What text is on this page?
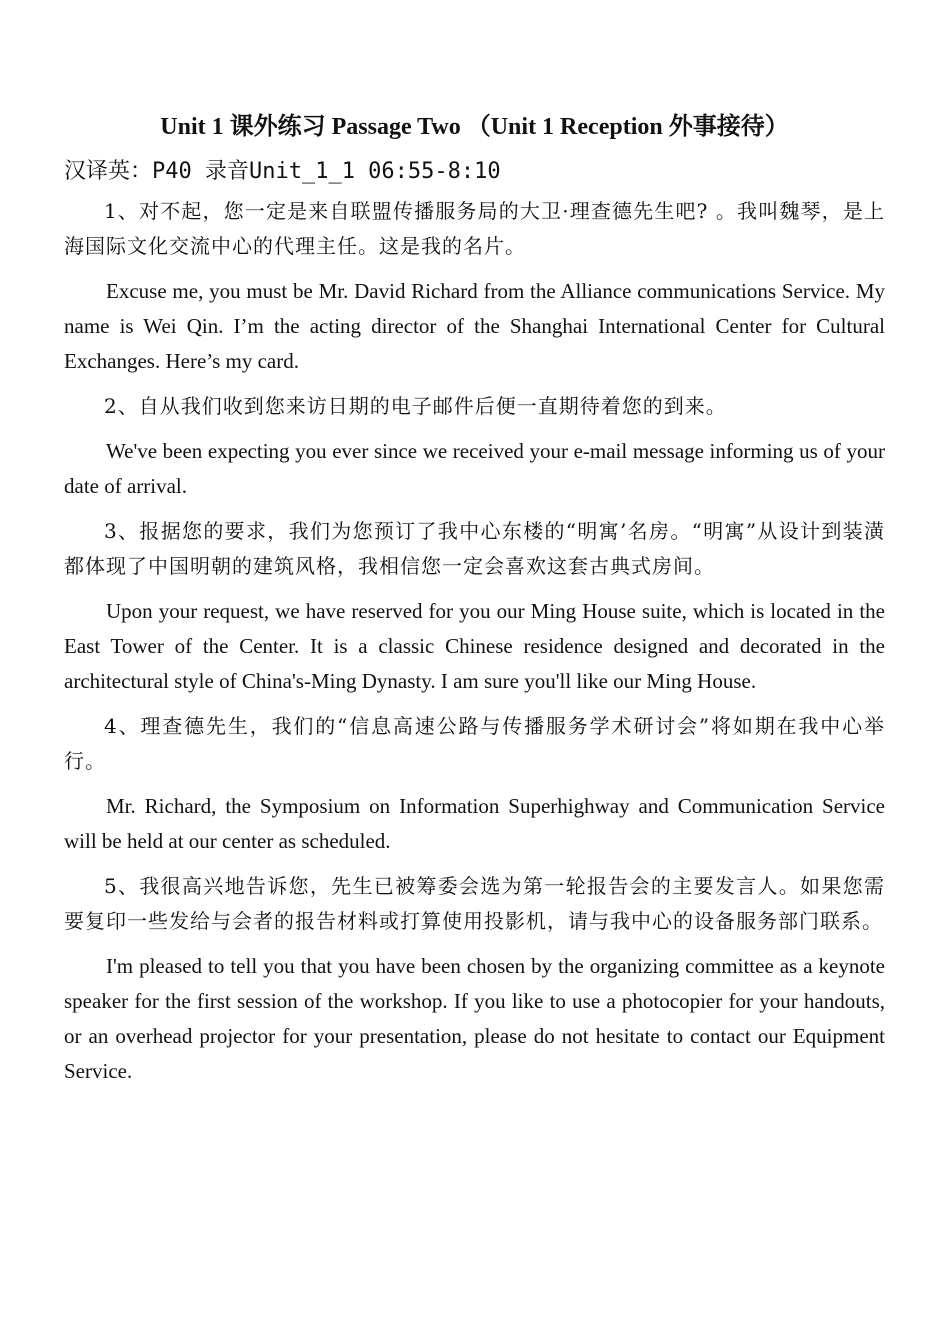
Unit 1 课外练习 Passage Two （Unit 1 Reception 外事接待）
汉译英：P40 录音Unit_1_1 06:55-8:10

1、对不起，您一定是来自联盟传播服务局的大卫·理查德先生吧? 。我叫魏琴，是上海国际文化交流中心的代理主任。这是我的名片。

Excuse me, you must be Mr. David Richard from the Alliance communications Service. My name is Wei Qin. I’m the acting director of the Shanghai International Center for Cultural Exchanges. Here’s my card.

2、自从我们收到您来访日期的电子邮件后便一直期待着您的到来。

We've been expecting you ever since we received your e-mail message informing us of your date of arrival.

3、报据您的要求，我们为您预订了我中心东楼的“明寓’名房。“明寓”从设计到装潢都体现了中国明朝的建筑风格，我相信您一定会喜欢这套古典式房间。

Upon your request, we have reserved for you our Ming House suite, which is located in the East Tower of the Center. It is a classic Chinese residence designed and decorated in the architectural style of China's-Ming Dynasty. I am sure you'll like our Ming House.

4、理查德先生，我们的“信息高速公路与传播服务学术研讨会”将如期在我中心举行。

Mr. Richard, the Symposium on Information Superhighway and Communication Service will be held at our center as scheduled.

5、我很高兴地告诉您，先生已被筹委会选为第一轮报告会的主要发言人。如果您需要复印一些发给与会者的报告材料或打算使用投影机，请与我中心的设备服务部门联系。

I'm pleased to tell you that you have been chosen by the organizing committee as a keynote speaker for the first session of the workshop. If you like to use a photocopier for your handouts, or an overhead projector for your presentation, please do not hesitate to contact our Equipment Service.
